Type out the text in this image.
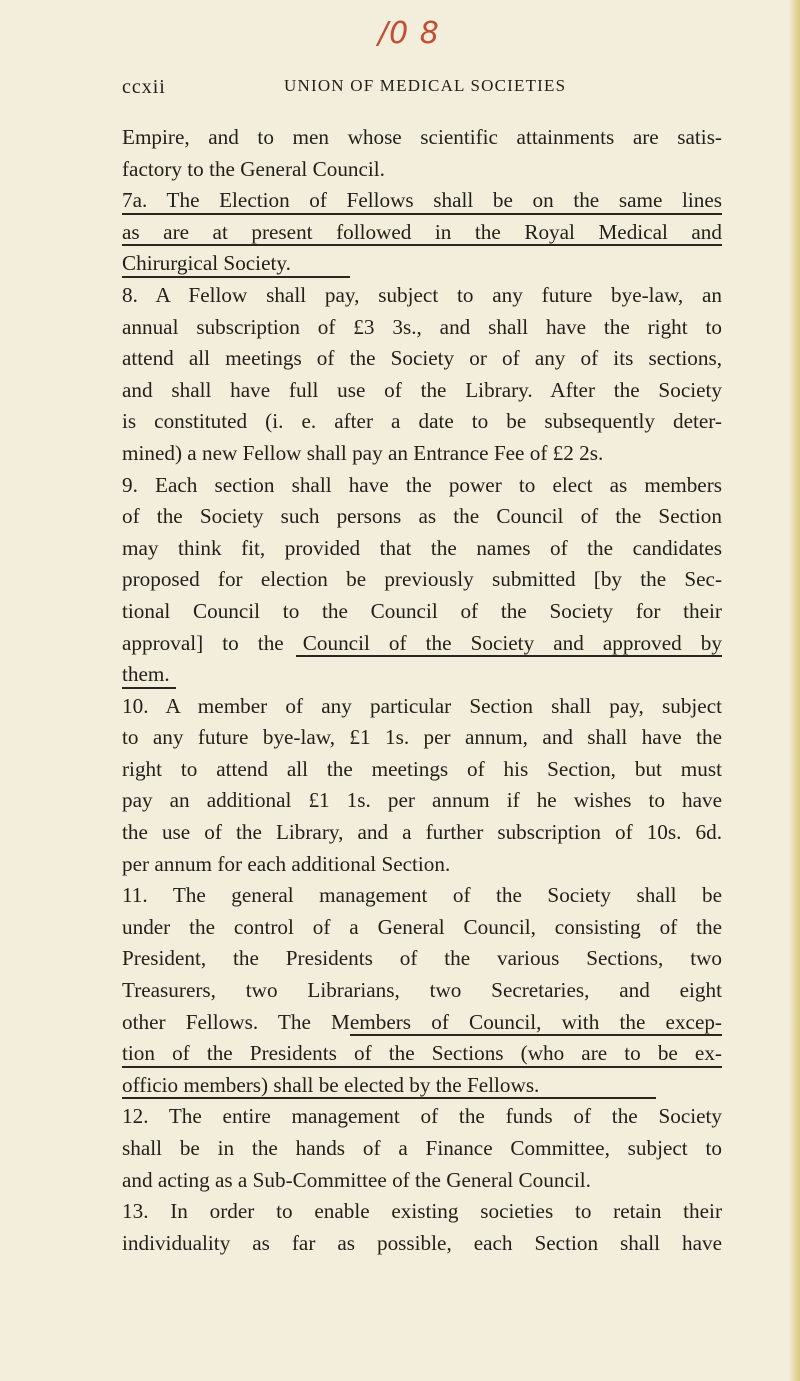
/0 8
ccxii	UNION OF MEDICAL SOCIETIES

Empire, and to men whose scientific attainments are satis-

factory to the General Council.

7a. The Election of Fellows shall be on the same lines

as are at present followed in the Royal Medical and

Chirurgical Society.

8. A Fellow shall pay, subject to any future bye-law, an

annual subscription of £3 3s., and shall have the right to

attend all meetings of the Society or of any of its sections,

and shall have full use of the Library. After the Society

is constituted (i. e. after a date to be subsequently deter-

mined) a new Fellow shall pay an Entrance Fee of £2 2s.

9. Each section shall have the power to elect as members

of the Society such persons as the Council of the Section

may think fit, provided that the names of the candidates

proposed for election be previously submitted [by the Sec-

tional Council to the Council of the Society for their

approval] to the Council of the Society and approved by

them.

10. A member of any particular Section shall pay, subject

to any future bye-law, £1 1s. per annum, and shall have the

right to attend all the meetings of his Section, but must

pay an additional £1 1s. per annum if he wishes to have

the use of the Library, and a further subscription of 10s. 6d.

per annum for each additional Section.

11. The general management of the Society shall be

under the control of a General Council, consisting of the

President, the Presidents of the various Sections, two

Treasurers, two Librarians, two Secretaries, and eight

other Fellows. The Members of Council, with the excep-

tion of the Presidents of the Sections (who are to be ex-

officio members) shall be elected by the Fellows.

12. The entire management of the funds of the Society

shall be in the hands of a Finance Committee, subject to

and acting as a Sub-Committee of the General Council.

13. In order to enable existing societies to retain their

individuality as far as possible, each Section shall have
